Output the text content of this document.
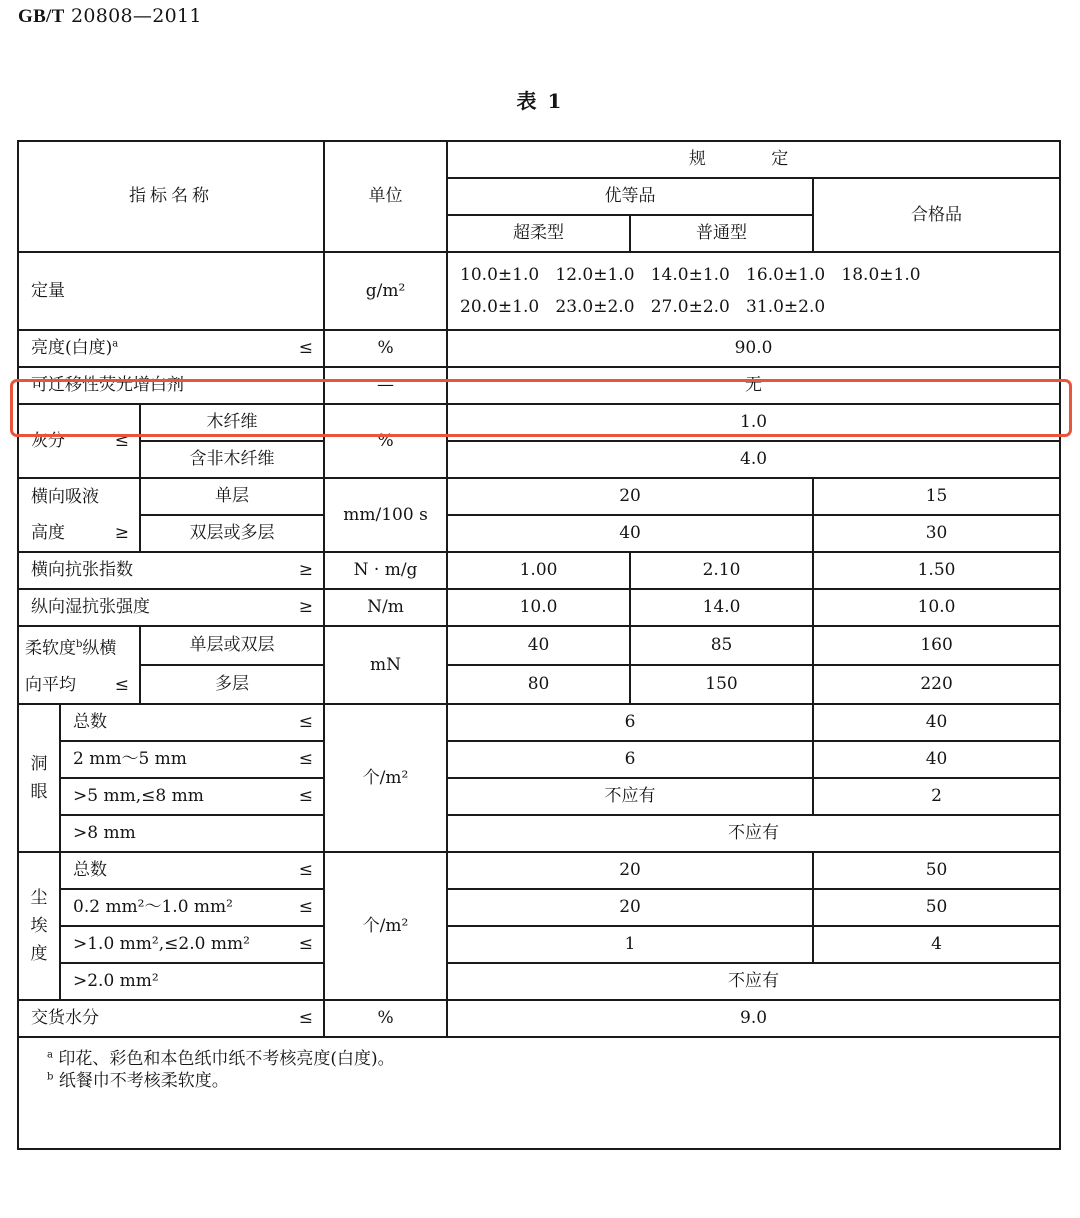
GB/T 20808—2011
表 1
指标名称			单位	规 定		
				优等品		合格品
				超柔型	普通型	
定量			g/m²	10.0±1.0   12.0±1.0   14.0±1.0   16.0±1.0   18.0±1.0
20.0±1.0   23.0±2.0   27.0±2.0   31.0±2.0		

亮度(白度)$^a$ ≤			%	90.0		
可迁移性荧光增白剂			—	无		
灰分 ≤		木纤维	%	1.0		
		含非木纤维		4.0		

横向吸液
高度 ≥		单层	mm/100 s	20		15
		双层或多层		40		30
横向抗张指数 ≥			N · m/g	1.00	2.10	1.50
纵向湿抗张强度 ≥			N/m	10.0	14.0	10.0

柔软度$^b$纵横
向平均 ≤		单层或双层	mN	40	85	160
		多层		80	150	220

洞眼	总数 ≤		个/m²	6		40
	2 mm～5 mm ≤			6		40
	>5 mm,≤8 mm ≤			不应有		2
	>8 mm			不应有		

尘埃度	总数 ≤		个/m²	20		50
	0.2 mm²～1.0 mm² ≤			20		50
	>1.0 mm²,≤2.0 mm² ≤			1		4
	>2.0 mm²			不应有		
交货水分 ≤			%	9.0		

$^a$ 印花、彩色和本色纸巾纸不考核亮度(白度)。
$^b$ 纸餐巾不考核柔软度。						
